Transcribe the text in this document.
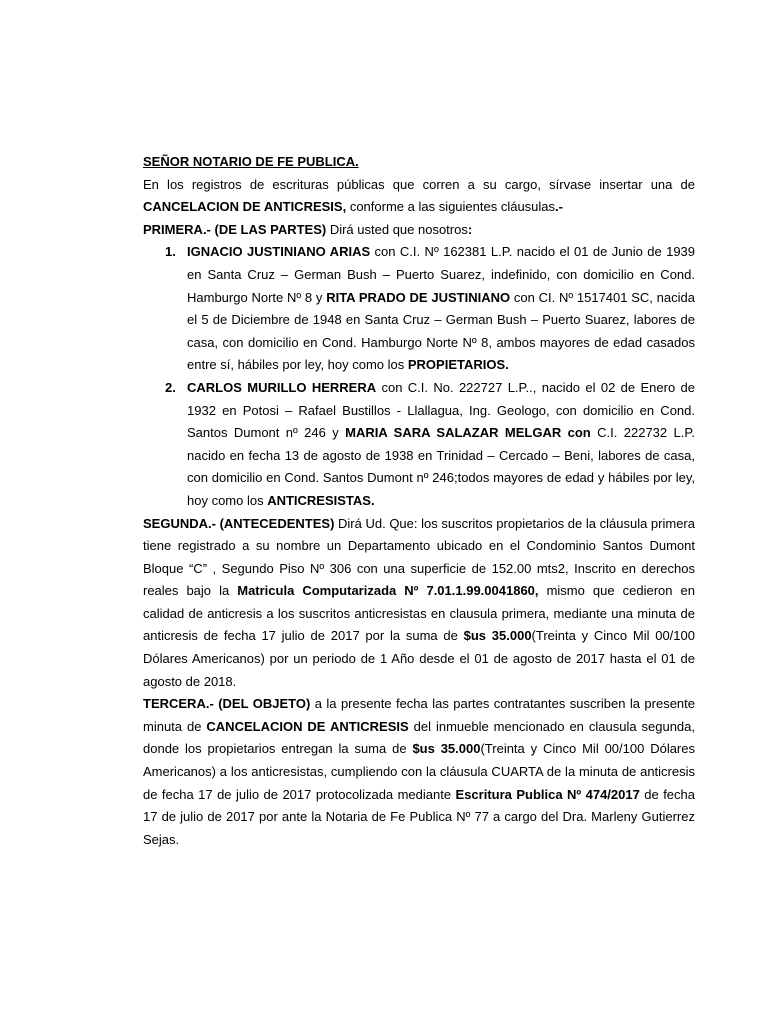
SEÑOR NOTARIO DE FE PUBLICA.

En los registros de escrituras públicas que corren a su cargo, sírvase insertar una de CANCELACION DE ANTICRESIS, conforme a las siguientes cláusulas.-

PRIMERA.- (DE LAS PARTES) Dirá usted que nosotros:

1. IGNACIO JUSTINIANO ARIAS con C.I. Nº 162381 L.P. nacido el 01 de Junio de 1939 en Santa Cruz – German Bush – Puerto Suarez, indefinido, con domicilio en Cond. Hamburgo Norte Nº 8 y RITA PRADO DE JUSTINIANO con CI. Nº 1517401 SC, nacida el 5 de Diciembre de 1948 en Santa Cruz – German Bush – Puerto Suarez, labores de casa, con domicilio en Cond. Hamburgo Norte Nº 8, ambos mayores de edad casados entre sí, hábiles por ley, hoy como los PROPIETARIOS.
2. CARLOS MURILLO HERRERA con C.I. No. 222727 L.P.., nacido el 02 de Enero de 1932 en Potosi – Rafael Bustillos - Llallagua, Ing. Geologo, con domicilio en Cond. Santos Dumont nº 246 y MARIA SARA SALAZAR MELGAR con C.I. 222732 L.P. nacido en fecha 13 de agosto de 1938 en Trinidad – Cercado – Beni, labores de casa, con domicilio en Cond. Santos Dumont nº 246;todos mayores de edad y hábiles por ley, hoy como los ANTICRESISTAS.

SEGUNDA.- (ANTECEDENTES) Dirá Ud. Que: los suscritos propietarios de la cláusula primera tiene registrado a su nombre un Departamento ubicado en el Condominio Santos Dumont Bloque “C” , Segundo Piso Nº 306 con una superficie de 152.00 mts2, Inscrito en derechos reales bajo la Matricula Computarizada Nº 7.01.1.99.0041860, mismo que cedieron en calidad de anticresis a los suscritos anticresistas en clausula primera, mediante una minuta de anticresis de fecha 17 julio de 2017 por la suma de $us 35.000(Treinta y Cinco Mil 00/100 Dólares Americanos) por un periodo de 1 Año desde el 01 de agosto de 2017 hasta el 01 de agosto de 2018.

TERCERA.- (DEL OBJETO) a la presente fecha las partes contratantes suscriben la presente minuta de CANCELACION DE ANTICRESIS del inmueble mencionado en clausula segunda, donde los propietarios entregan la suma de $us 35.000(Treinta y Cinco Mil 00/100 Dólares Americanos) a los anticresistas, cumpliendo con la cláusula CUARTA de la minuta de anticresis de fecha 17 de julio de 2017 protocolizada mediante Escritura Publica Nº 474/2017 de fecha 17 de julio de 2017 por ante la Notaria de Fe Publica Nº 77 a cargo del Dra. Marleny Gutierrez Sejas.
